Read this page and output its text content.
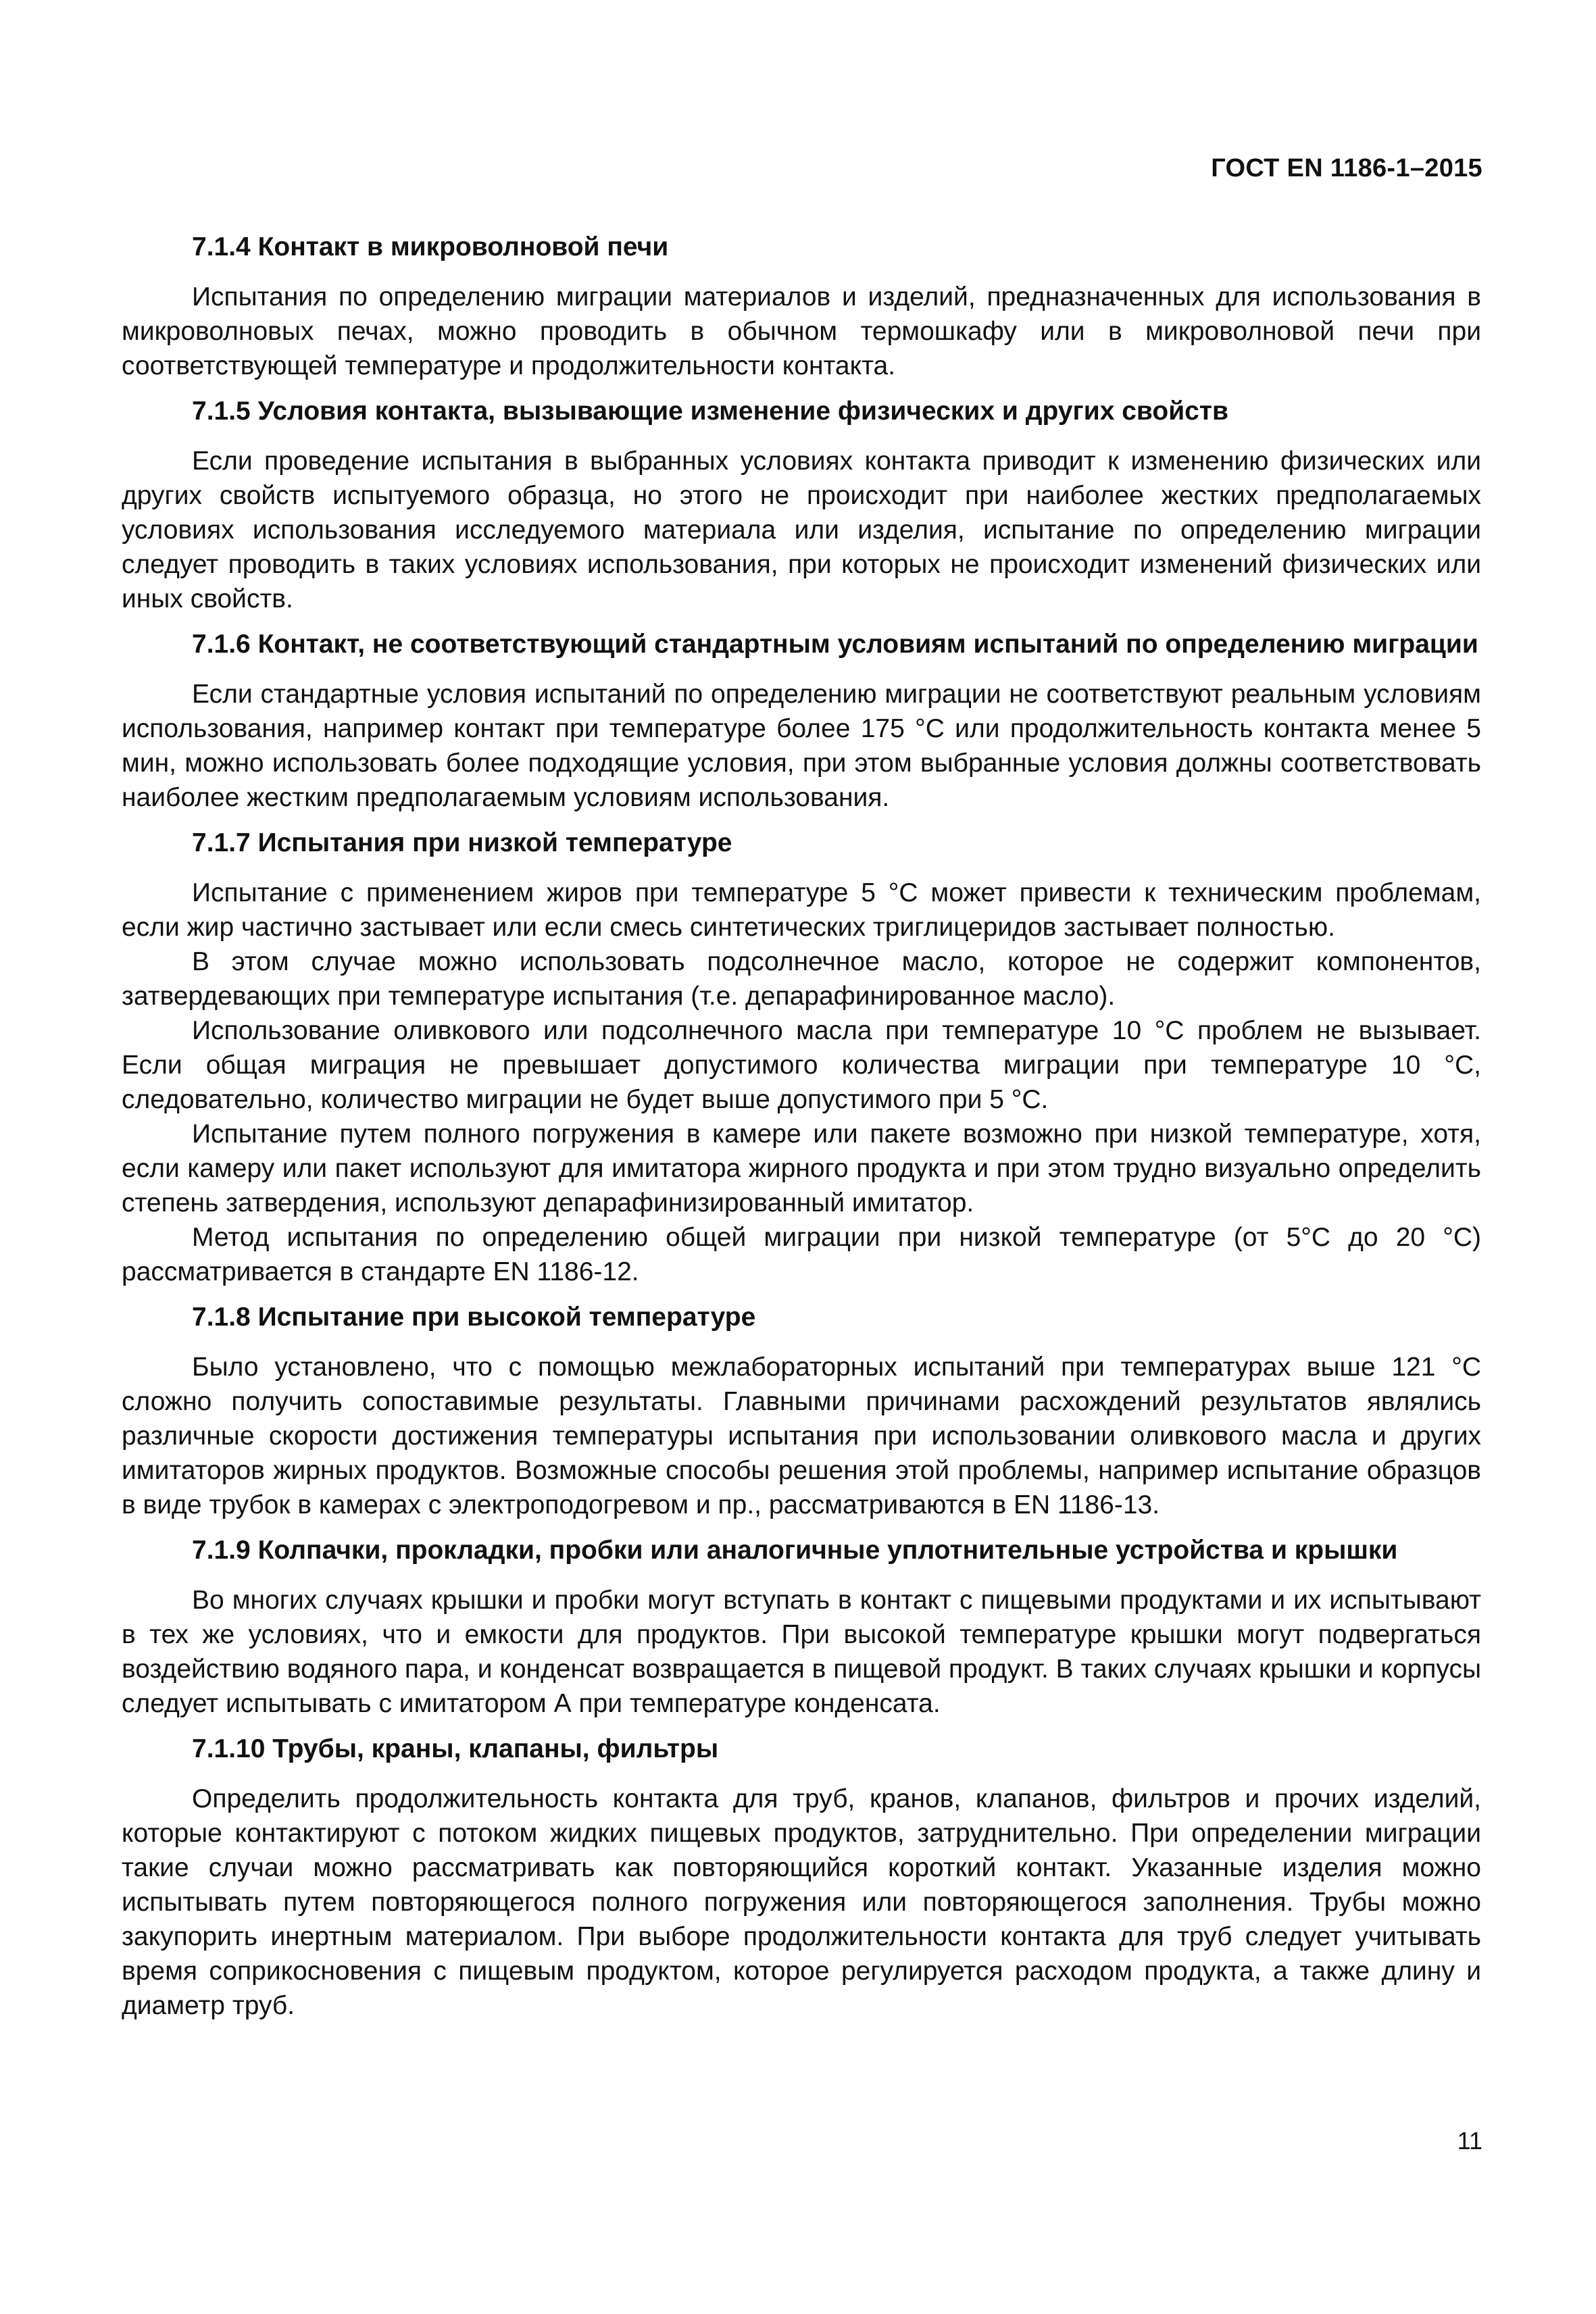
ГОСТ EN 1186-1–2015

7.1.4 Контакт в микроволновой печи

Испытания по определению миграции материалов и изделий, предназначенных для использования в микроволновых печах, можно проводить в обычном термошкафу или в микроволновой печи при соответствующей температуре и продолжительности контакта.

7.1.5 Условия контакта, вызывающие изменение физических и других свойств

Если проведение испытания в выбранных условиях контакта приводит к изменению физических или других свойств испытуемого образца, но этого не происходит при наиболее жестких предполагаемых условиях использования исследуемого материала или изделия, испытание по определению миграции следует проводить в таких условиях использования, при которых не происходит изменений физических или иных свойств.

7.1.6 Контакт, не соответствующий стандартным условиям испытаний по определению миграции

Если стандартные условия испытаний по определению миграции не соответствуют реальным условиям использования, например контакт при температуре более 175 °С или продолжительность контакта менее 5 мин, можно использовать более подходящие условия, при этом выбранные условия должны соответствовать наиболее жестким предполагаемым условиям использования.

7.1.7 Испытания при низкой температуре

Испытание с применением жиров при температуре 5 °С может привести к техническим проблемам, если жир частично застывает или если смесь синтетических триглицеридов застывает полностью.

В этом случае можно использовать подсолнечное масло, которое не содержит компонентов, затвердевающих при температуре испытания (т.е. депарафинированное масло).

Использование оливкового или подсолнечного масла при температуре 10 °С проблем не вызывает. Если общая миграция не превышает допустимого количества миграции при температуре 10 °С, следовательно, количество миграции не будет выше допустимого при 5 °С.

Испытание путем полного погружения в камере или пакете возможно при низкой температуре, хотя, если камеру или пакет используют для имитатора жирного продукта и при этом трудно визуально определить степень затвердения, используют депарафинизированный имитатор.

Метод испытания по определению общей миграции при низкой температуре (от 5°С до 20 °С) рассматривается в стандарте EN 1186-12.

7.1.8 Испытание при высокой температуре

Было установлено, что с помощью межлабораторных испытаний при температурах выше 121 °С сложно получить сопоставимые результаты. Главными причинами расхождений результатов являлись различные скорости достижения температуры испытания при использовании оливкового масла и других имитаторов жирных продуктов. Возможные способы решения этой проблемы, например испытание образцов в виде трубок в камерах с электроподогревом и пр., рассматриваются в EN 1186-13.

7.1.9 Колпачки, прокладки, пробки или аналогичные уплотнительные устройства и крышки

Во многих случаях крышки и пробки могут вступать в контакт с пищевыми продуктами и их испытывают в тех же условиях, что и емкости для продуктов. При высокой температуре крышки могут подвергаться воздействию водяного пара, и конденсат возвращается в пищевой продукт. В таких случаях крышки и корпусы следует испытывать с имитатором А при температуре конденсата.

7.1.10 Трубы, краны, клапаны, фильтры

Определить продолжительность контакта для труб, кранов, клапанов, фильтров и прочих изделий, которые контактируют с потоком жидких пищевых продуктов, затруднительно. При определении миграции такие случаи можно рассматривать как повторяющийся короткий контакт. Указанные изделия можно испытывать путем повторяющегося полного погружения или повторяющегося заполнения. Трубы можно закупорить инертным материалом. При выборе продолжительности контакта для труб следует учитывать время соприкосновения с пищевым продуктом, которое регулируется расходом продукта, а также длину и диаметр труб.

11
